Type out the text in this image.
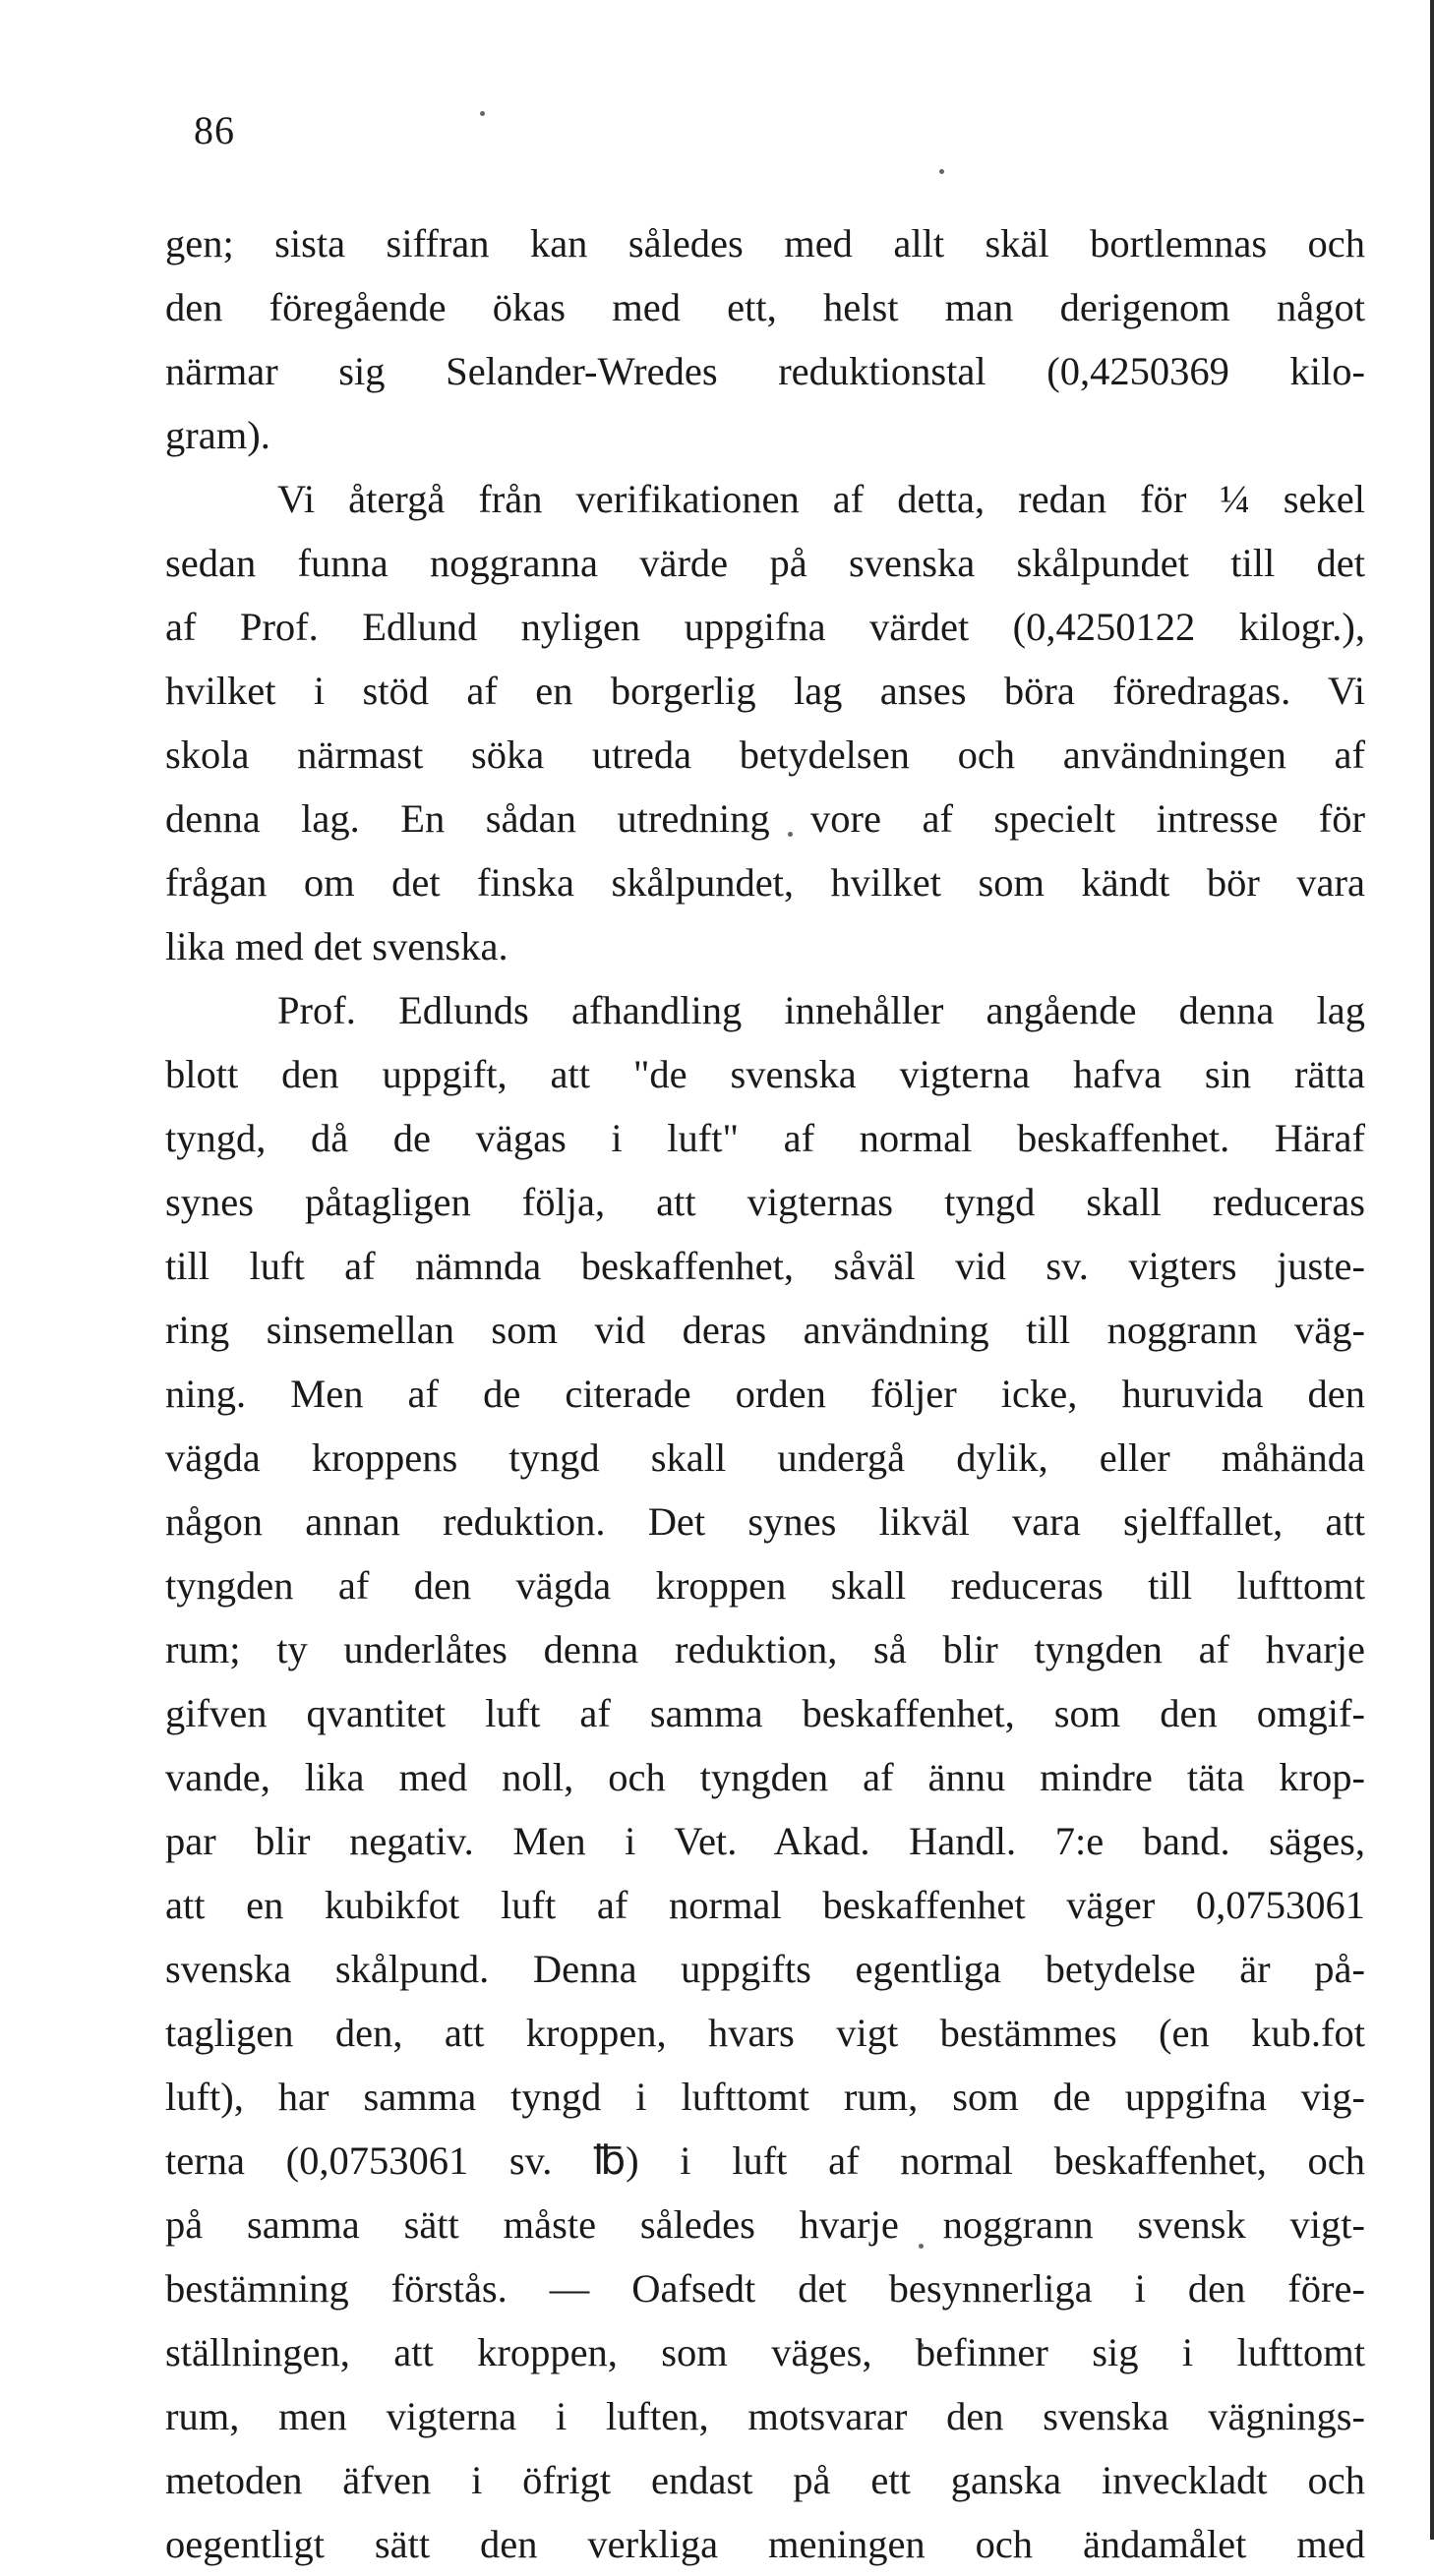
86
gen; sista siffran kan således med allt skäl bortlemnas och
den föregående ökas med ett, helst man derigenom något
närmar sig Selander-Wredes reduktionstal (0,4250369 kilo-
gram).
Vi återgå från verifikationen af detta, redan för ¼ sekel
sedan funna noggranna värde på svenska skålpundet till det
af Prof. Edlund nyligen uppgifna värdet (0,4250122 kilogr.),
hvilket i stöd af en borgerlig lag anses böra föredragas. Vi
skola närmast söka utreda betydelsen och användningen af
denna lag. En sådan utredning vore af specielt intresse för
frågan om det finska skålpundet, hvilket som kändt bör vara
lika med det svenska.
Prof. Edlunds afhandling innehåller angående denna lag
blott den uppgift, att "de svenska vigterna hafva sin rätta
tyngd, då de vägas i luft" af normal beskaffenhet. Häraf
synes påtagligen följa, att vigternas tyngd skall reduceras
till luft af nämnda beskaffenhet, såväl vid sv. vigters juste-
ring sinsemellan som vid deras användning till noggrann väg-
ning. Men af de citerade orden följer icke, huruvida den
vägda kroppens tyngd skall undergå dylik, eller måhända
någon annan reduktion. Det synes likväl vara sjelffallet, att
tyngden af den vägda kroppen skall reduceras till lufttomt
rum; ty underlåtes denna reduktion, så blir tyngden af hvarje
gifven qvantitet luft af samma beskaffenhet, som den omgif-
vande, lika med noll, och tyngden af ännu mindre täta krop-
par blir negativ. Men i Vet. Akad. Handl. 7:e band. säges,
att en kubikfot luft af normal beskaffenhet väger 0,0753061
svenska skålpund. Denna uppgifts egentliga betydelse är på-
tagligen den, att kroppen, hvars vigt bestämmes (en kub.fot
luft), har samma tyngd i lufttomt rum, som de uppgifna vig-
terna (0,0753061 sv. ℔) i luft af normal beskaffenhet, och
på samma sätt måste således hvarje noggrann svensk vigt-
bestämning förstås. — Oafsedt det besynnerliga i den före-
ställningen, att kroppen, som väges, befinner sig i lufttomt
rum, men vigterna i luften, motsvarar den svenska vägnings-
metoden äfven i öfrigt endast på ett ganska inveckladt och
oegentligt sätt den verkliga meningen och ändamålet med
